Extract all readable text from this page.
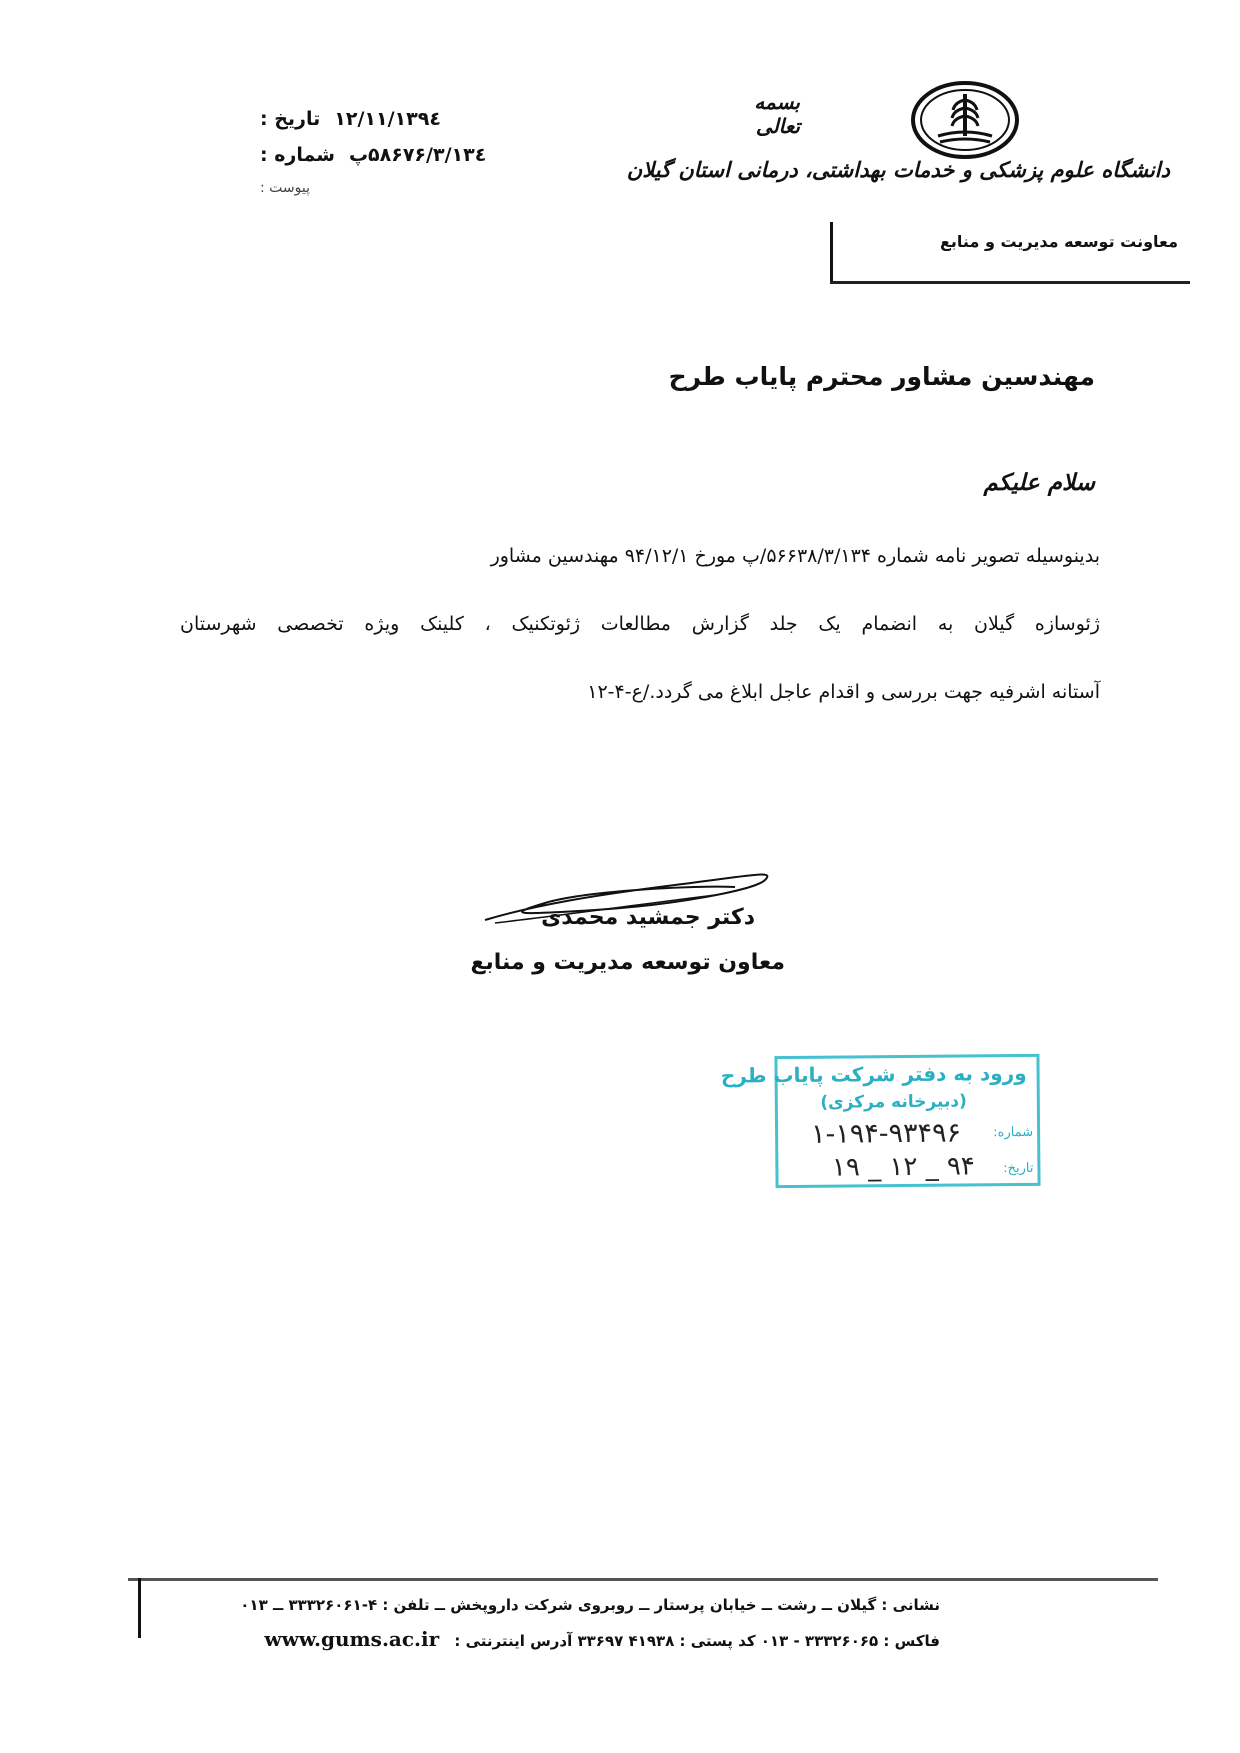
بسمه تعالی
دانشگاه علوم پزشکی و خدمات بهداشتی، درمانی استان گیلان
معاونت توسعه مدیریت و منابع
تاریخ : ۱۳۹٤/۱۲/۱۱
شماره : ۳/۱۳٤/۵۸۶۷۶پ
پیوست :
مهندسین مشاور محترم پایاب طرح
سلام علیکم
بدینوسیله تصویر نامه شماره ۵۶۶۳۸/۳/۱۳۴/پ مورخ ۹۴/۱۲/۱ مهندسین مشاور
ژئوسازه گیلان به انضمام یک جلد گزارش مطالعات ژئوتکنیک ، کلینک ویژه تخصصی شهرستان
آستانه اشرفیه جهت بررسی و اقدام عاجل ابلاغ می گردد./ع-۴-۱۲
دکتر جمشید محمدی
معاون توسعه مدیریت و منابع
ورود به دفتر شرکت پایاب طرح
(دبیرخانه مرکزی)
شماره:
۱-۱۹۴-۹۳۴۹۶
تاریخ:
۹۴ _ ۱۲ _ ۱۹
نشانی : گیلان ــ رشت ــ خیابان پرستار ــ روبروی شرکت داروپخش ــ تلفن : ۴-۳۳۳۲۶۰۶۱ ــ ۰۱۳
فاکس : ۳۳۳۲۶۰۶۵ - ۰۱۳ کد پستی : ۴۱۹۳۸ ۳۳۶۹۷ آدرس اینترنتی : www.gums.ac.ir
